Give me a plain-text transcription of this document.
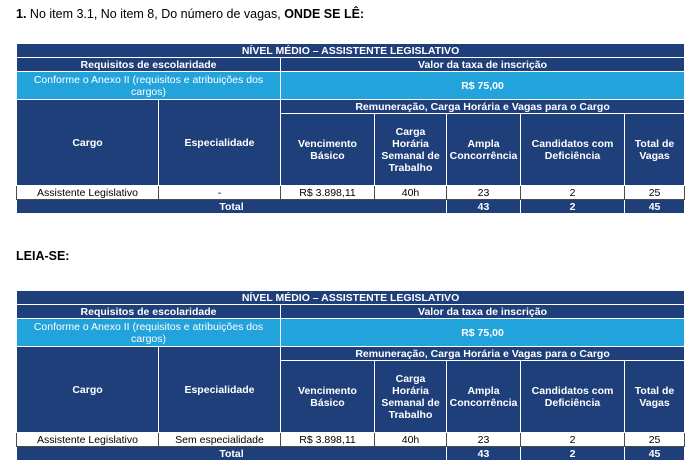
1. No item 3.1, No item 8, Do número de vagas, ONDE SE LÊ:
NÍVEL MÉDIO – ASSISTENTE LEGISLATIVO						
Requisitos de escolaridade		Valor da taxa de inscrição				
Conforme o Anexo II (requisitos e atribuições dos cargos)		R$ 75,00				
Cargo	Especialidade	Remuneração, Carga Horária e Vagas para o Cargo				
		Vencimento Básico	Carga Horária Semanal de Trabalho	Ampla Concorrência	Candidatos com Deficiência	Total de Vagas
Assistente Legislativo	-	R$ 3.898,11	40h	23	2	25
Total				43	2	45
LEIA-SE:
NÍVEL MÉDIO – ASSISTENTE LEGISLATIVO						
Requisitos de escolaridade		Valor da taxa de inscrição				
Conforme o Anexo II (requisitos e atribuições dos cargos)		R$ 75,00				
Cargo	Especialidade	Remuneração, Carga Horária e Vagas para o Cargo				
		Vencimento Básico	Carga Horária Semanal de Trabalho	Ampla Concorrência	Candidatos com Deficiência	Total de Vagas
Assistente Legislativo	Sem especialidade	R$ 3.898,11	40h	23	2	25
Total				43	2	45
